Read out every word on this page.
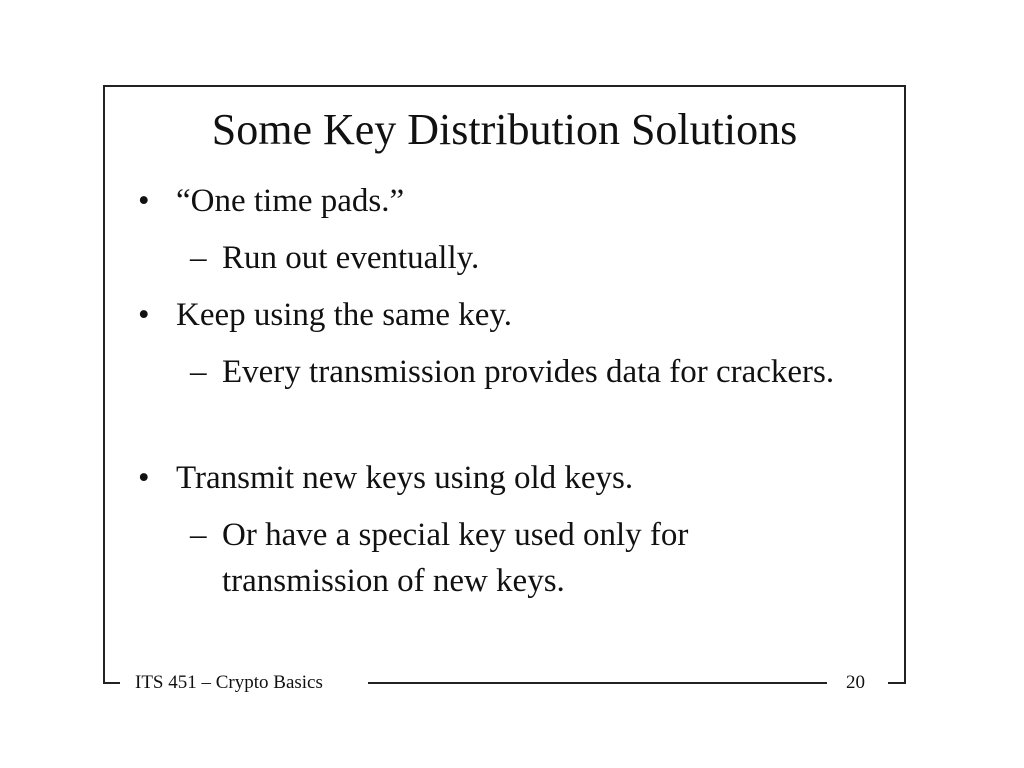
Some Key Distribution Solutions
• “One time pads.”
– Run out eventually.
• Keep using the same key.
– Every transmission provides data for crackers.
• Transmit new keys using old keys.
– Or have a special key used only for transmission of new keys.
ITS 451 – Crypto Basics	20
